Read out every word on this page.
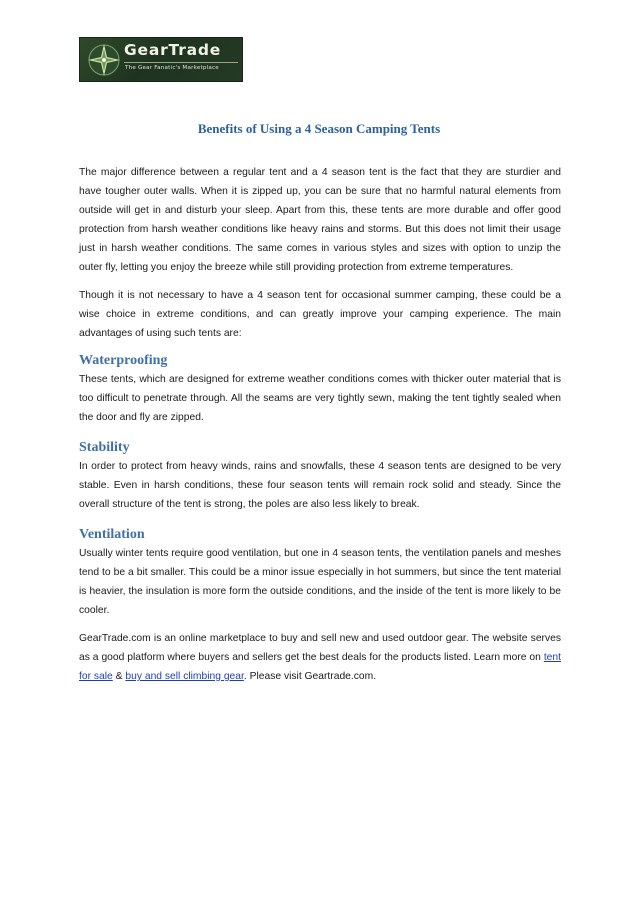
GearTrade
The Gear Fanatic's Marketplace
Benefits of Using a 4 Season Camping Tents

The major difference between a regular tent and a 4 season tent is the fact that they are sturdier and have tougher outer walls. When it is zipped up, you can be sure that no harmful natural elements from outside will get in and disturb your sleep. Apart from this, these tents are more durable and offer good protection from harsh weather conditions like heavy rains and storms. But this does not limit their usage just in harsh weather conditions. The same comes in various styles and sizes with option to unzip the outer fly, letting you enjoy the breeze while still providing protection from extreme temperatures.

Though it is not necessary to have a 4 season tent for occasional summer camping, these could be a wise choice in extreme conditions, and can greatly improve your camping experience. The main advantages of using such tents are:

Waterproofing

These tents, which are designed for extreme weather conditions comes with thicker outer material that is too difficult to penetrate through. All the seams are very tightly sewn, making the tent tightly sealed when the door and fly are zipped.

Stability

In order to protect from heavy winds, rains and snowfalls, these 4 season tents are designed to be very stable. Even in harsh conditions, these four season tents will remain rock solid and steady. Since the overall structure of the tent is strong, the poles are also less likely to break.

Ventilation

Usually winter tents require good ventilation, but one in 4 season tents, the ventilation panels and meshes tend to be a bit smaller. This could be a minor issue especially in hot summers, but since the tent material is heavier, the insulation is more form the outside conditions, and the inside of the tent is more likely to be cooler.

GearTrade.com is an online marketplace to buy and sell new and used outdoor gear. The website serves as a good platform where buyers and sellers get the best deals for the products listed. Learn more on tent for sale & buy and sell climbing gear. Please visit Geartrade.com.
